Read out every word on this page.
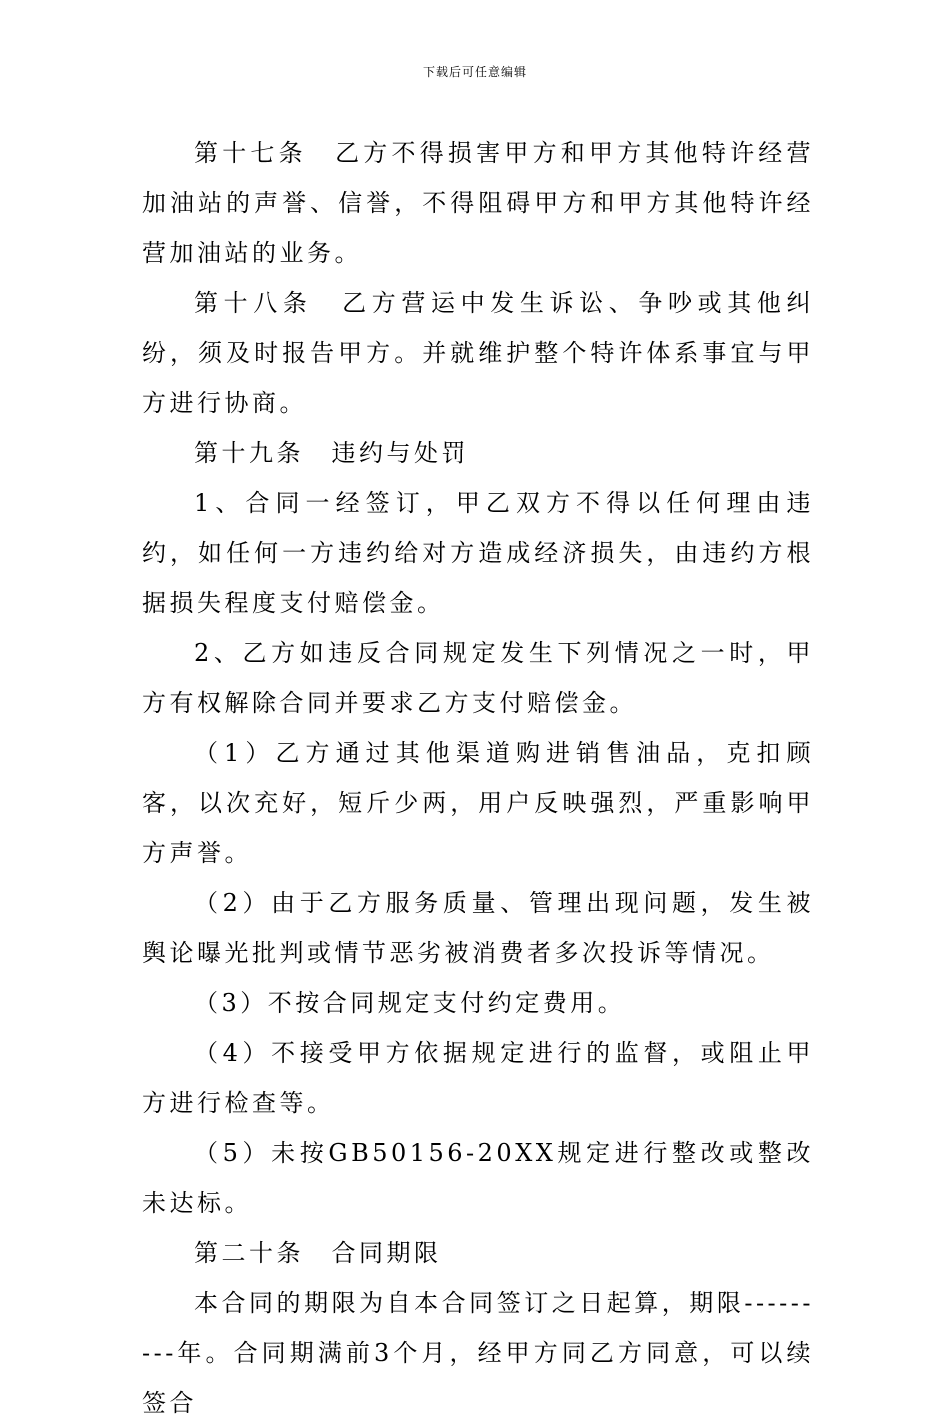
下载后可任意编辑

第十七条　乙方不得损害甲方和甲方其他特许经营加油站的声誉、信誉，不得阻碍甲方和甲方其他特许经营加油站的业务。

第十八条　乙方营运中发生诉讼、争吵或其他纠纷，须及时报告甲方。并就维护整个特许体系事宜与甲方进行协商。

第十九条　违约与处罚

1、合同一经签订，甲乙双方不得以任何理由违约，如任何一方违约给对方造成经济损失，由违约方根据损失程度支付赔偿金。

2、乙方如违反合同规定发生下列情况之一时，甲方有权解除合同并要求乙方支付赔偿金。

（1）乙方通过其他渠道购进销售油品，克扣顾客，以次充好，短斤少两，用户反映强烈，严重影响甲方声誉。

（2）由于乙方服务质量、管理出现问题，发生被舆论曝光批判或情节恶劣被消费者多次投诉等情况。

（3）不按合同规定支付约定费用。

（4）不接受甲方依据规定进行的监督，或阻止甲方进行检查等。

（5）未按GB50156-20XX规定进行整改或整改未达标。

第二十条　合同期限

本合同的期限为自本合同签订之日起算，期限---------年。合同期满前3个月，经甲方同乙方同意，可以续签合
